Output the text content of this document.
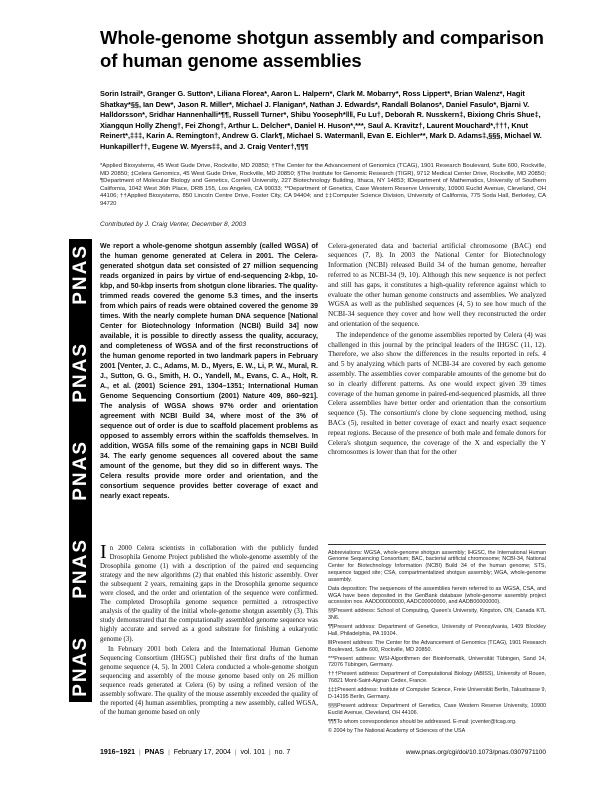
PNAS
PNAS
PNAS
PNAS
PNAS
Whole-genome shotgun assembly and comparison of human genome assemblies

Sorin Istrail*, Granger G. Sutton*, Liliana Florea*, Aaron L. Halpern*, Clark M. Mobarry*, Ross Lippert*, Brian Walenz*, Hagit Shatkay*§§, Ian Dew*, Jason R. Miller*, Michael J. Flanigan*, Nathan J. Edwards*, Randall Bolanos*, Daniel Fasulo*, Bjarni V. Halldorsson*, Sridhar Hannenhalli*¶¶, Russell Turner*, Shibu Yooseph*‖‖, Fu Lu†, Deborah R. Nusskern‡, Bixiong Chris Shue‡, Xiangqun Holly Zheng†, Fei Zhong†, Arthur L. Delcher*, Daniel H. Huson*,***, Saul A. Kravitz†, Laurent Mouchard*,†††, Knut Reinert*,‡‡‡, Karin A. Remington†, Andrew G. Clark¶, Michael S. Waterman‖, Evan E. Eichler**, Mark D. Adams‡,§§§, Michael W. Hunkapiller††, Eugene W. Myers‡‡, and J. Craig Venter†,¶¶¶

*Applied Biosystems, 45 West Gude Drive, Rockville, MD 20850; †The Center for the Advancement of Genomics (TCAG), 1901 Research Boulevard, Suite 600, Rockville, MD 20850; ‡Celera Genomics, 45 West Gude Drive, Rockville, MD 20850; §The Institute for Genomic Research (TIGR), 9712 Medical Center Drive, Rockville, MD 20850; ¶Department of Molecular Biology and Genetics, Cornell University, 227 Biotechnology Building, Ithaca, NY 14853; ‖Department of Mathematics, University of Southern California, 1042 West 36th Place, DRB 155, Los Angeles, CA 90033; **Department of Genetics, Case Western Reserve University, 10900 Euclid Avenue, Cleveland, OH 44106; ††Applied Biosystems, 850 Lincoln Centre Drive, Foster City, CA 94404; and ‡‡Computer Science Division, University of California, 775 Soda Hall, Berkeley, CA 94720

Contributed by J. Craig Venter, December 8, 2003

We report a whole-genome shotgun assembly (called WGSA) of the human genome generated at Celera in 2001. The Celera-generated shotgun data set consisted of 27 million sequencing reads organized in pairs by virtue of end-sequencing 2-kbp, 10-kbp, and 50-kbp inserts from shotgun clone libraries. The quality-trimmed reads covered the genome 5.3 times, and the inserts from which pairs of reads were obtained covered the genome 39 times. With the nearly complete human DNA sequence [National Center for Biotechnology Information (NCBI) Build 34] now available, it is possible to directly assess the quality, accuracy, and completeness of WGSA and of the first reconstructions of the human genome reported in two landmark papers in February 2001 [Venter, J. C., Adams, M. D., Myers, E. W., Li, P. W., Mural, R. J., Sutton, G. G., Smith, H. O., Yandell, M., Evans, C. A., Holt, R. A., et al. (2001) Science 291, 1304–1351; International Human Genome Sequencing Consortium (2001) Nature 409, 860–921]. The analysis of WGSA shows 97% order and orientation agreement with NCBI Build 34, where most of the 3% of sequence out of order is due to scaffold placement problems as opposed to assembly errors within the scaffolds themselves. In addition, WGSA fills some of the remaining gaps in NCBI Build 34. The early genome sequences all covered about the same amount of the genome, but they did so in different ways. The Celera results provide more order and orientation, and the consortium sequence provides better coverage of exact and nearly exact repeats.

In 2000 Celera scientists in collaboration with the publicly funded Drosophila Genome Project published the whole-genome assembly of the Drosophila genome (1) with a description of the paired end sequencing strategy and the new algorithms (2) that enabled this historic assembly. Over the subsequent 2 years, remaining gaps in the Drosophila genome sequence were closed, and the order and orientation of the sequence were confirmed. The completed Drosophila genome sequence permitted a retrospective analysis of the quality of the initial whole-genome shotgun assembly (3). This study demonstrated that the computationally assembled genome sequence was highly accurate and served as a good substrate for finishing a eukaryotic genome (3).

In February 2001 both Celera and the International Human Genome Sequencing Consortium (IHGSC) published their first drafts of the human genome sequence (4, 5). In 2001 Celera conducted a whole-genome shotgun sequencing and assembly of the mouse genome based only on 26 million sequence reads generated at Celera (6) by using a refined version of the assembly software. The quality of the mouse assembly exceeded the quality of the reported (4) human assemblies, prompting a new assembly, called WGSA, of the human genome based on only

Celera-generated data and bacterial artificial chromosome (BAC) end sequences (7, 8). In 2003 the National Center for Biotechnology Information (NCBI) released Build 34 of the human genome, hereafter referred to as NCBI-34 (9, 10). Although this new sequence is not perfect and still has gaps, it constitutes a high-quality reference against which to evaluate the other human genome constructs and assemblies. We analyzed WGSA as well as the published sequences (4, 5) to see how much of the NCBI-34 sequence they cover and how well they reconstructed the order and orientation of the sequence.

The independence of the genome assemblies reported by Celera (4) was challenged in this journal by the principal leaders of the IHGSC (11, 12). Therefore, we also show the differences in the results reported in refs. 4 and 5 by analyzing which parts of NCBI-34 are covered by each genome assembly. The assemblies cover comparable amounts of the genome but do so in clearly different patterns. As one would expect given 39 times coverage of the human genome in paired-end-sequenced plasmids, all three Celera assemblies have better order and orientation than the consortium sequence (5). The consortium's clone by clone sequencing method, using BACs (5), resulted in better coverage of exact and nearly exact sequence repeat regions. Because of the presence of both male and female donors for Celera's shotgun sequence, the coverage of the X and especially the Y chromosomes is lower than that for the other

Abbreviations: WGSA, whole-genome shotgun assembly; IHGSC, the International Human Genome Sequencing Consortium; BAC, bacterial artificial chromosome; NCBI-34, National Center for Biotechnology Information (NCBI) Build 34 of the human genome; STS, sequence tagged site; CSA, compartmentalized shotgun assembly; WGA, whole-genome assembly.

Data deposition: The sequences of the assemblies herein referred to as WGSA, CSA, and WGA have been deposited in the GenBank database (whole-genome assembly project accession nos. AADD00000000, AADC00000000, and AADB00000000).

§§Present address: School of Computing, Queen's University, Kingston, ON, Canada K7L 3N6.

¶¶Present address: Department of Genetics, University of Pennsylvania, 1409 Blockley Hall, Philadelphia, PA 19104.

‖‖Present address: The Center for the Advancement of Genomics (TCAG), 1901 Research Boulevard, Suite 600, Rockville, MD 20850.

***Present address: WSI-Algorithmen der Bioinformatik, Universität Tübingen, Sand 14, 72076 Tübingen, Germany.

†††Present address: Department of Computational Biology (ABISS), University of Rouen, 76821 Mont-Saint-Aignan Cedex, France.

‡‡‡Present address: Institute of Computer Science, Freie Universität Berlin, Takustrasse 9, D-14195 Berlin, Germany.

§§§Present address: Department of Genetics, Case Western Reserve University, 10900 Euclid Avenue, Cleveland, OH 44106.

¶¶¶To whom correspondence should be addressed. E-mail: jcventer@tcag.org.

© 2004 by The National Academy of Sciences of the USA

1916–1921 | PNAS | February 17, 2004 | vol. 101 | no. 7	www.pnas.org/cgi/doi/10.1073/pnas.0307971100
